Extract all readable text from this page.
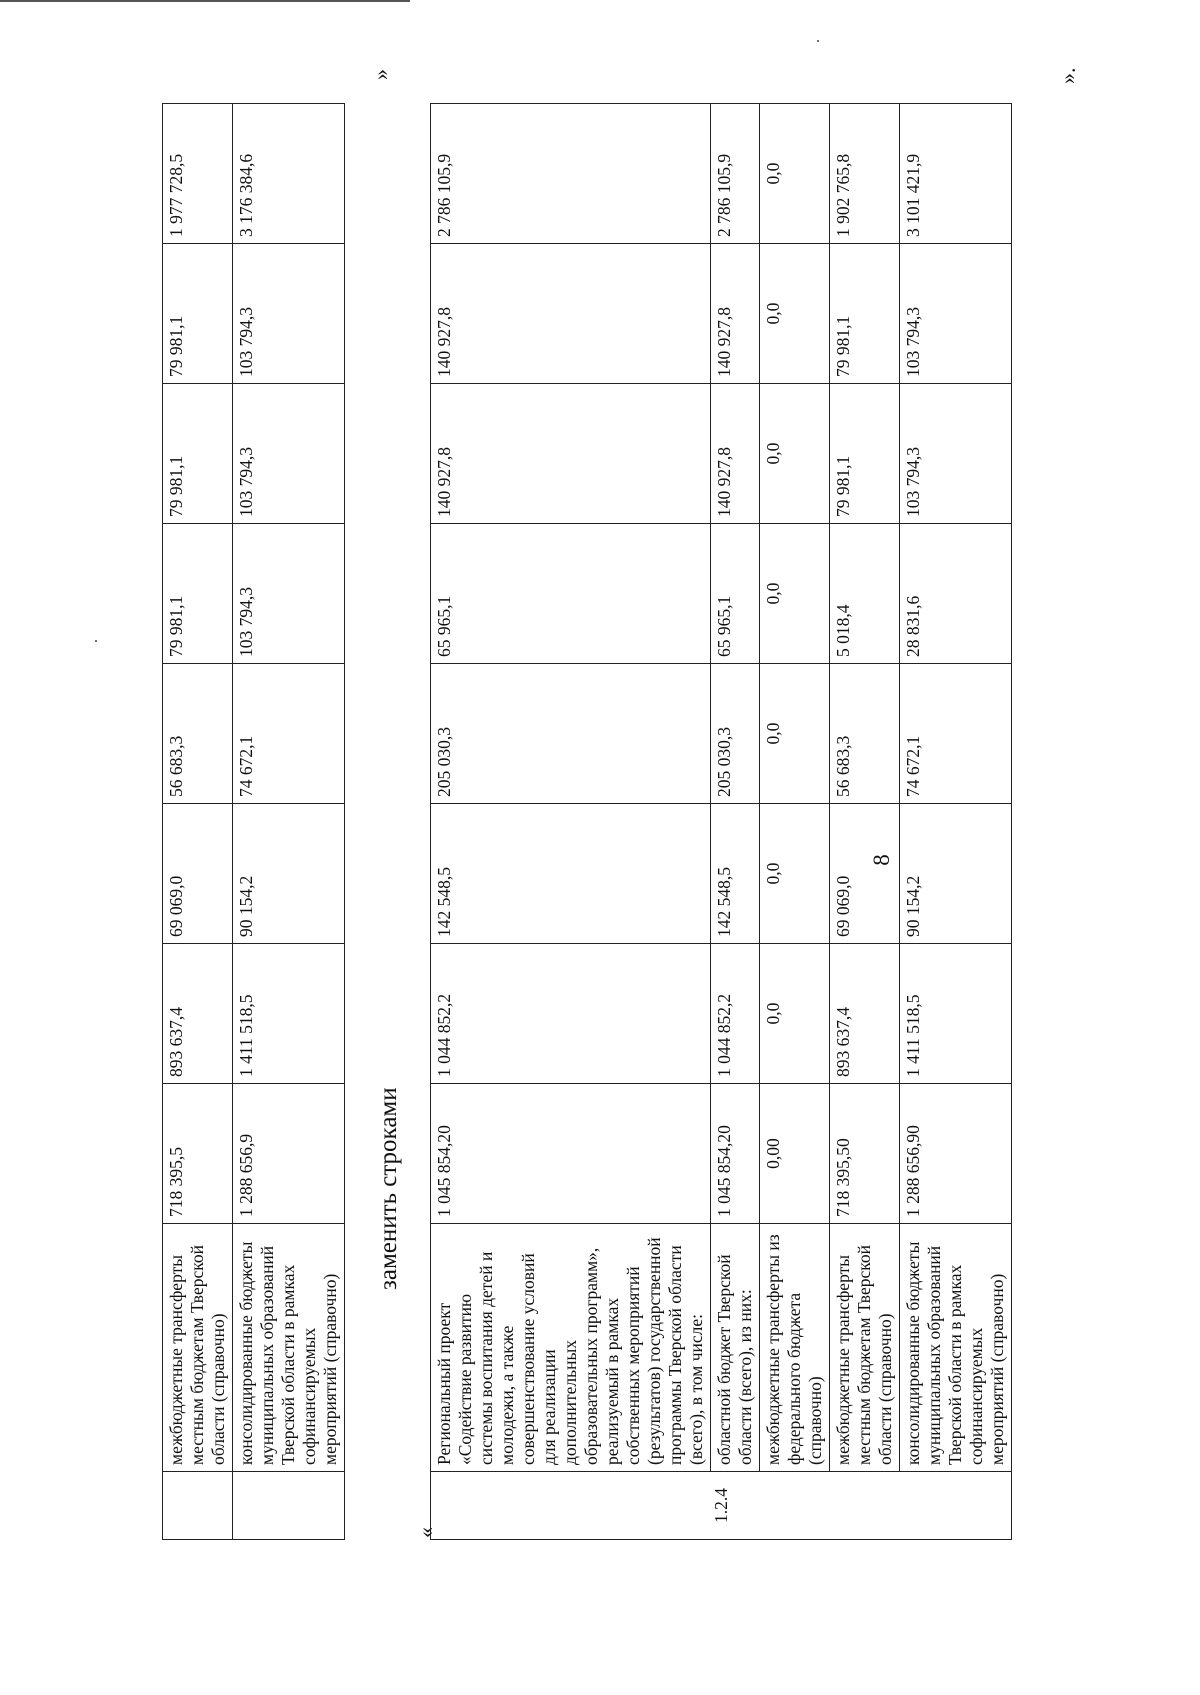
8
	межбюджетные трансферты местным бюджетам Тверской области (справочно)	718 395,5	893 637,4	69 069,0	56 683,3	79 981,1	79 981,1	79 981,1	1 977 728,5
	консолидированные бюджеты муниципальных образований Тверской области в рамках софинансируемых мероприятий (справочно)	1 288 656,9	1 411 518,5	90 154,2	74 672,1	103 794,3	103 794,3	103 794,3	3 176 384,6
»
заменить строками
«
1.2.4	Региональный проект «Содействие развитию системы воспитания детей и молодежи, а также совершенствование условий для реализации дополнительных образовательных программ», реализуемый в рамках собственных мероприятий (результатов) государственной программы Тверской области (всего), в том числе:	1 045 854,20	1 044 852,2	142 548,5	205 030,3	65 965,1	140 927,8	140 927,8	2 786 105,9
	областной бюджет Тверской области (всего), из них:	1 045 854,20	1 044 852,2	142 548,5	205 030,3	65 965,1	140 927,8	140 927,8	2 786 105,9
	межбюджетные трансферты из федерального бюджета (справочно)	0,00	0,0	0,0	0,0	0,0	0,0	0,0	0,0
	межбюджетные трансферты местным бюджетам Тверской области (справочно)	718 395,50	893 637,4	69 069,0	56 683,3	5 018,4	79 981,1	79 981,1	1 902 765,8
	консолидированные бюджеты муниципальных образований Тверской области в рамках софинансируемых мероприятий (справочно)	1 288 656,90	1 411 518,5	90 154,2	74 672,1	28 831,6	103 794,3	103 794,3	3 101 421,9
».
